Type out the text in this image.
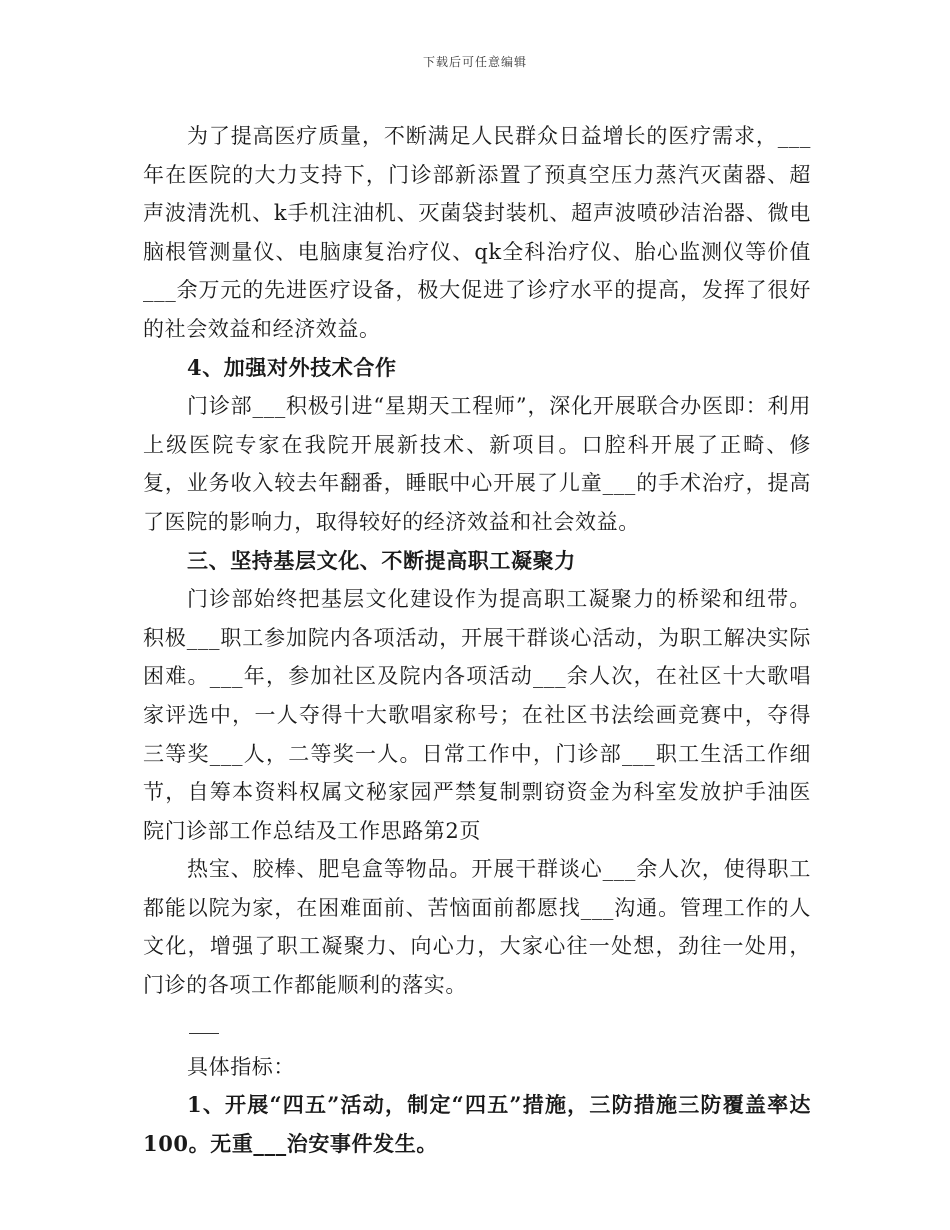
下载后可任意编辑

为了提高医疗质量，不断满足人民群众日益增长的医疗需求，___年在医院的大力支持下，门诊部新添置了预真空压力蒸汽灭菌器、超声波清洗机、k手机注油机、灭菌袋封装机、超声波喷砂洁治器、微电脑根管测量仪、电脑康复治疗仪、qk全科治疗仪、胎心监测仪等价值___余万元的先进医疗设备，极大促进了诊疗水平的提高，发挥了很好的社会效益和经济效益。

4、加强对外技术合作

门诊部___积极引进“星期天工程师”，深化开展联合办医即：利用上级医院专家在我院开展新技术、新项目。口腔科开展了正畸、修复，业务收入较去年翻番，睡眠中心开展了儿童___的手术治疗，提高了医院的影响力，取得较好的经济效益和社会效益。

三、坚持基层文化、不断提高职工凝聚力

门诊部始终把基层文化建设作为提高职工凝聚力的桥梁和纽带。积极___职工参加院内各项活动，开展干群谈心活动，为职工解决实际困难。___年，参加社区及院内各项活动___余人次，在社区十大歌唱家评选中，一人夺得十大歌唱家称号；在社区书法绘画竞赛中，夺得三等奖___人，二等奖一人。日常工作中，门诊部___职工生活工作细节，自筹本资料权属文秘家园严禁复制剽窃资金为科室发放护手油医院门诊部工作总结及工作思路第2页

热宝、胶棒、肥皂盒等物品。开展干群谈心___余人次，使得职工都能以院为家，在困难面前、苦恼面前都愿找___沟通。管理工作的人文化，增强了职工凝聚力、向心力，大家心往一处想，劲往一处用，门诊的各项工作都能顺利的落实。

具体指标：

1、开展“四五”活动，制定“四五”措施，三防措施三防覆盖率达100。无重___治安事件发生。
